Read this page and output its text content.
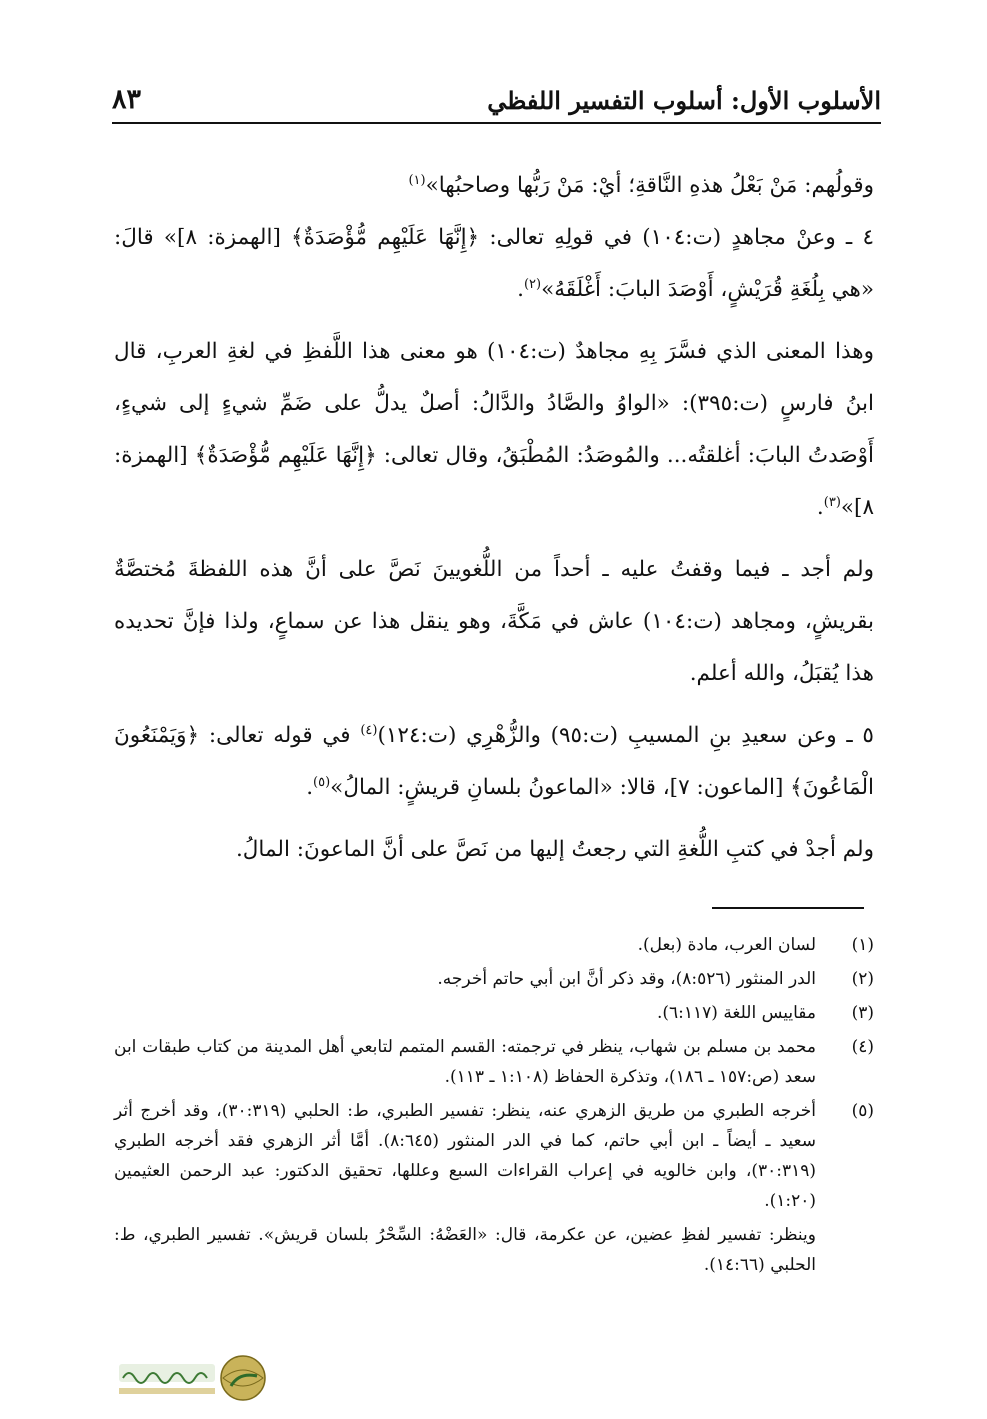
الأسلوب الأول: أسلوب التفسير اللفظي
٨٣

وقولُهم: مَنْ بَعْلُ هذهِ النَّاقةِ؛ أيْ: مَنْ رَبُّها وصاحبُها»$^{(١)}$

٤ ـ وعنْ مجاهدٍ (ت:١٠٤) في قولِهِ تعالى: ﴿إِنَّهَا عَلَيْهِم مُّؤْصَدَةٌ﴾ [الهمزة: ٨]» قالَ: «هي بِلُغَةِ قُرَيْشٍ، أَوْصَدَ البابَ: أَغْلَقَهُ»$^{(٢)}$.

وهذا المعنى الذي فسَّرَ بِهِ مجاهدٌ (ت:١٠٤) هو معنى هذا اللَّفظِ في لغةِ العربِ، قال ابنُ فارسٍ (ت:٣٩٥): «الواوُ والصَّادُ والدَّالُ: أصلٌ يدلُّ على ضَمِّ شيءٍ إلى شيءٍ، أَوْصَدتُ البابَ: أغلقتُه... والمُوصَدُ: المُطْبَقُ، وقال تعالى: ﴿إِنَّهَا عَلَيْهِم مُّؤْصَدَةٌ﴾ [الهمزة: ٨]»$^{(٣)}$.

ولم أجد ـ فيما وقفتُ عليه ـ أحداً من اللُّغويينَ نَصَّ على أنَّ هذه اللفظةَ مُختصَّةٌ بقريشٍ، ومجاهد (ت:١٠٤) عاش في مَكَّةَ، وهو ينقل هذا عن سماعٍ، ولذا فإنَّ تحديده هذا يُقبَلُ، والله أعلم.

٥ ـ وعن سعيدِ بنِ المسيبِ (ت:٩٥) والزُّهْرِي (ت:١٢٤)$^{(٤)}$ في قوله تعالى: ﴿وَيَمْنَعُونَ الْمَاعُونَ﴾ [الماعون: ٧]، قالا: «الماعونُ بلسانِ قريشٍ: المالُ»$^{(٥)}$.

ولم أجدْ في كتبِ اللُّغةِ التي رجعتُ إليها من نَصَّ على أنَّ الماعونَ: المالُ.

(١)
لسان العرب، مادة (بعل).
(٢)
الدر المنثور (٨:٥٢٦)، وقد ذكر أنَّ ابن أبي حاتم أخرجه.
(٣)
مقاييس اللغة (٦:١١٧).
(٤)
محمد بن مسلم بن شهاب، ينظر في ترجمته: القسم المتمم لتابعي أهل المدينة من كتاب طبقات ابن سعد (ص:١٥٧ ـ ١٨٦)، وتذكرة الحفاظ (١:١٠٨ ـ ١١٣).
(٥)
أخرجه الطبري من طريق الزهري عنه، ينظر: تفسير الطبري، ط: الحلبي (٣٠:٣١٩)، وقد أخرج أثر سعيد ـ أيضاً ـ ابن أبي حاتم، كما في الدر المنثور (٨:٦٤٥). أمَّا أثر الزهري فقد أخرجه الطبري (٣٠:٣١٩)، وابن خالويه في إعراب القراءات السبع وعللها، تحقيق الدكتور: عبد الرحمن العثيمين (١:٢٠).
وينظر: تفسير لفظِ عضين، عن عكرمة، قال: «العَضْهُ: السِّحْرُ بلسان قريش». تفسير الطبري، ط: الحلبي (١٤:٦٦).
